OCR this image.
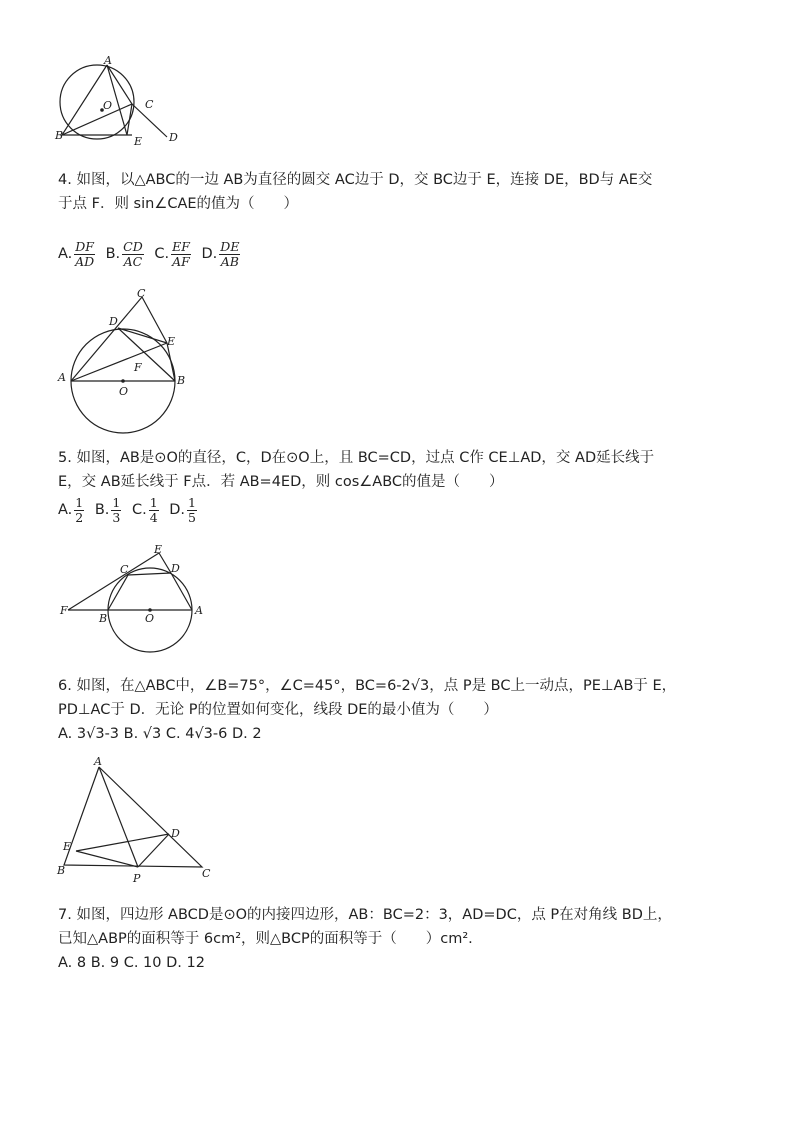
A
O	C
B	E D
4. 如图，以△ABC的一边 AB为直径的圆交 AC边于 D，交 BC边于 E，连接 DE，BD与 AE交
于点 F．则 sin∠CAE的值为（　　）
A. $\frac{DF}{AD} B$. $\frac{CD}{AC} C$. $\frac{EF}{AF} D$. $\frac{DE}{AB}$
C
D
E
F
A	B
O
5. 如图，AB是⊙O的直径，C，D在⊙O上，且 BC=CD，过点 C作 CE⊥AD，交 AD延长线于
E，交 AB延长线于 F点．若 AB=4ED，则 cos∠ABC的值是（　　）
A. $\frac{1}{2} B$. $\frac{1}{3} C$. $\frac{1}{4} D$. $\frac{1}{5}$
E
C	D
F
B	O
A
6. 如图，在△ABC中，∠B=75°，∠C=45°，BC=6-2√3，点 P是 BC上一动点，PE⊥AB于 E，
PD⊥AC于 D．无论 P的位置如何变化，线段 DE的最小值为（　　）
A. 3√3-3 B. √3 C. 4√3-6 D. 2
A
D
E
B
P	C
7. 如图，四边形 ABCD是⊙O的内接四边形，AB：BC=2：3，AD=DC，点 P在对角线 BD上，
已知△ABP的面积等于 6cm²，则△BCP的面积等于（　　）cm².
A. 8 B. 9 C. 10 D. 12
